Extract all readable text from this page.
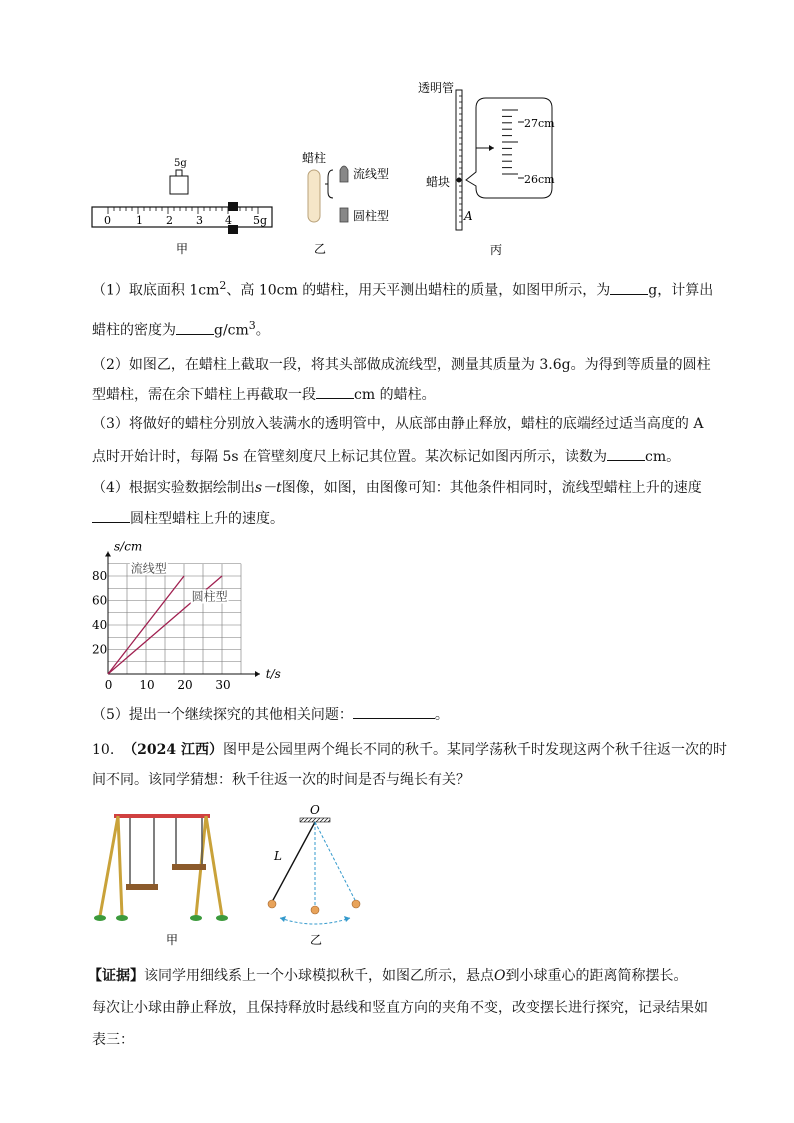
5g
0 1 2 3 4 5g
甲
蜡柱
流线型
圆柱型
乙
透明管
蜡块
A
27cm
26cm
丙
（1）取底面积 $1cm^2$、高 10cm 的蜡柱，用天平测出蜡柱的质量，如图甲所示，为	g，计算出
蜡柱的密度为	$g/cm^3$。
（2）如图乙，在蜡柱上截取一段，将其头部做成流线型，测量其质量为 3.6g。为得到等质量的圆柱
型蜡柱，需在余下蜡柱上再截取一段	cm 的蜡柱。
（3）将做好的蜡柱分别放入装满水的透明管中，从底部由静止释放，蜡柱的底端经过适当高度的 A
点时开始计时，每隔 5s 在管壁刻度尺上标记其位置。某次标记如图丙所示，读数为	cm。
（4）根据实验数据绘制出s－t图像，如图，由图像可知：其他条件相同时，流线型蜡柱上升的速度
圆柱型蜡柱上升的速度。
0 10 20 30
20
40
60
80
t/s
s/cm
流线型
圆柱型
（5）提出一个继续探究的其他相关问题：	。
10. （2024 江西）图甲是公园里两个绳长不同的秋千。某同学荡秋千时发现这两个秋千往返一次的时
间不同。该同学猜想：秋千往返一次的时间是否与绳长有关？
甲
O
L
乙
【证据】该同学用细线系上一个小球模拟秋千，如图乙所示，悬点O到小球重心的距离简称摆长。
每次让小球由静止释放，且保持释放时悬线和竖直方向的夹角不变，改变摆长进行探究，记录结果如
表三：
